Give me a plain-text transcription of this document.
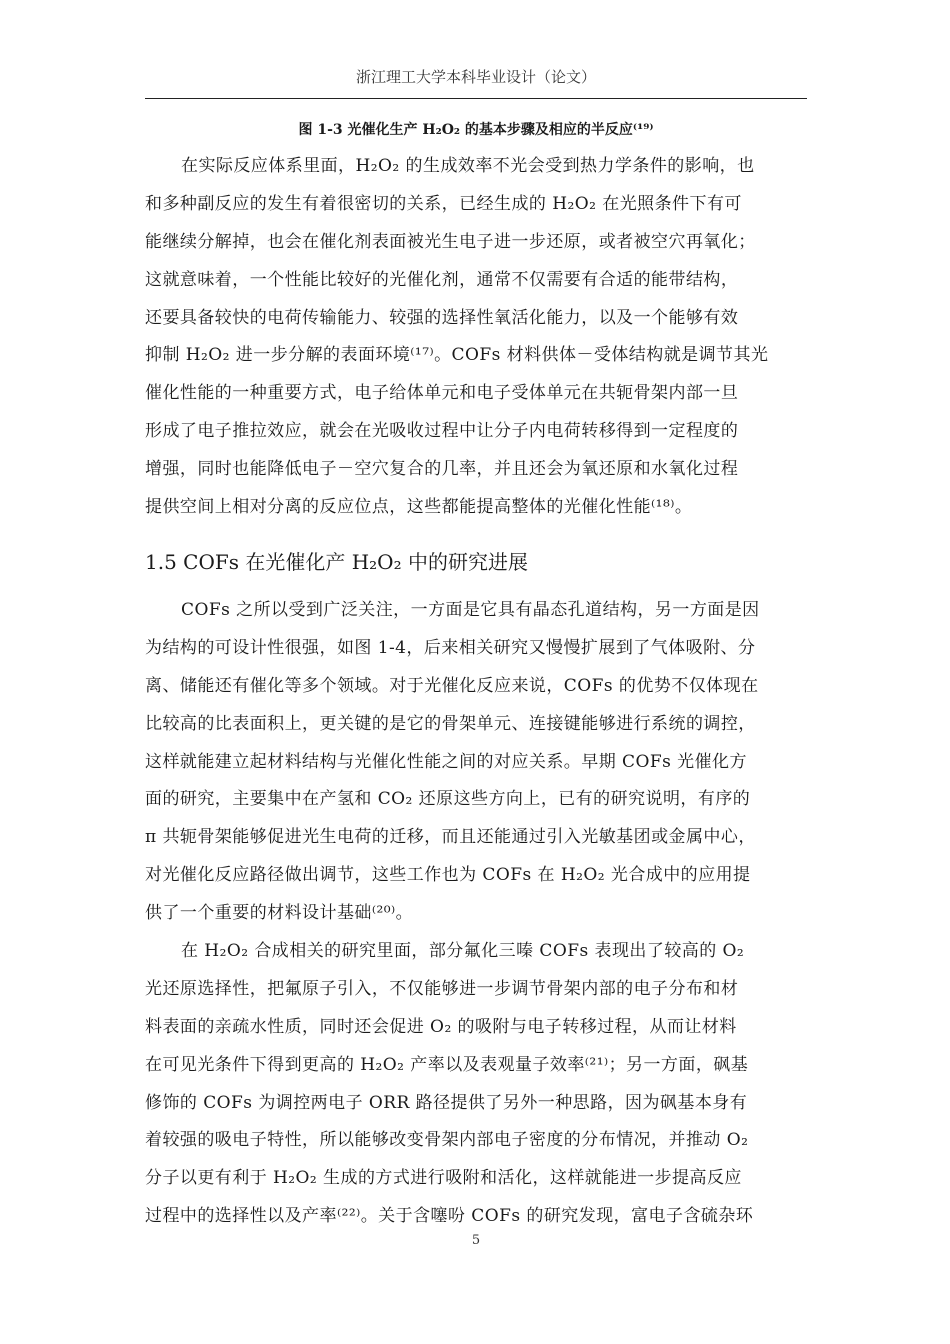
浙江理工大学本科毕业设计（论文）
图 1-3 光催化生产 H₂O₂ 的基本步骤及相应的半反应⁽¹⁹⁾
在实际反应体系里面，H₂O₂ 的生成效率不光会受到热力学条件的影响，也
和多种副反应的发生有着很密切的关系，已经生成的 H₂O₂ 在光照条件下有可
能继续分解掉，也会在催化剂表面被光生电子进一步还原，或者被空穴再氧化；
这就意味着，一个性能比较好的光催化剂，通常不仅需要有合适的能带结构，
还要具备较快的电荷传输能力、较强的选择性氧活化能力，以及一个能够有效
抑制 H₂O₂ 进一步分解的表面环境⁽¹⁷⁾。COFs 材料供体－受体结构就是调节其光
催化性能的一种重要方式，电子给体单元和电子受体单元在共轭骨架内部一旦
形成了电子推拉效应，就会在光吸收过程中让分子内电荷转移得到一定程度的
增强，同时也能降低电子－空穴复合的几率，并且还会为氧还原和水氧化过程
提供空间上相对分离的反应位点，这些都能提高整体的光催化性能⁽¹⁸⁾。
1.5 COFs 在光催化产 H₂O₂ 中的研究进展
COFs 之所以受到广泛关注，一方面是它具有晶态孔道结构，另一方面是因
为结构的可设计性很强，如图 1-4，后来相关研究又慢慢扩展到了气体吸附、分
离、储能还有催化等多个领域。对于光催化反应来说，COFs 的优势不仅体现在
比较高的比表面积上，更关键的是它的骨架单元、连接键能够进行系统的调控，
这样就能建立起材料结构与光催化性能之间的对应关系。早期 COFs 光催化方
面的研究，主要集中在产氢和 CO₂ 还原这些方向上，已有的研究说明，有序的
π 共轭骨架能够促进光生电荷的迁移，而且还能通过引入光敏基团或金属中心，
对光催化反应路径做出调节，这些工作也为 COFs 在 H₂O₂ 光合成中的应用提
供了一个重要的材料设计基础⁽²⁰⁾。
在 H₂O₂ 合成相关的研究里面，部分氟化三嗪 COFs 表现出了较高的 O₂
光还原选择性，把氟原子引入，不仅能够进一步调节骨架内部的电子分布和材
料表面的亲疏水性质，同时还会促进 O₂ 的吸附与电子转移过程，从而让材料
在可见光条件下得到更高的 H₂O₂ 产率以及表观量子效率⁽²¹⁾；另一方面，砜基
修饰的 COFs 为调控两电子 ORR 路径提供了另外一种思路，因为砜基本身有
着较强的吸电子特性，所以能够改变骨架内部电子密度的分布情况，并推动 O₂
分子以更有利于 H₂O₂ 生成的方式进行吸附和活化，这样就能进一步提高反应
过程中的选择性以及产率⁽²²⁾。关于含噻吩 COFs 的研究发现，富电子含硫杂环
5
